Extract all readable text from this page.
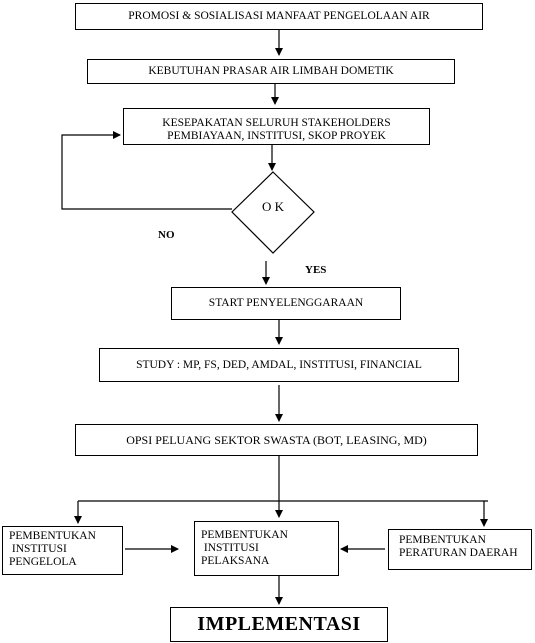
PROMOSI & SOSIALISASI MANFAAT PENGELOLAAN AIR
KEBUTUHAN PRASAR AIR LIMBAH DOMETIK
KESEPAKATAN SELURUH STAKEHOLDERS
PEMBIAYAAN, INSTITUSI, SKOP PROYEK
O K
NO
YES
START PENYELENGGARAAN
STUDY : MP, FS, DED, AMDAL, INSTITUSI, FINANCIAL
OPSI PELUANG SEKTOR SWASTA (BOT, LEASING, MD)
PEMBENTUKAN
INSTITUSI
PENGELOLA
PEMBENTUKAN
INSTITUSI
PELAKSANA
PEMBENTUKAN
PERATURAN DAERAH
IMPLEMENTASI
